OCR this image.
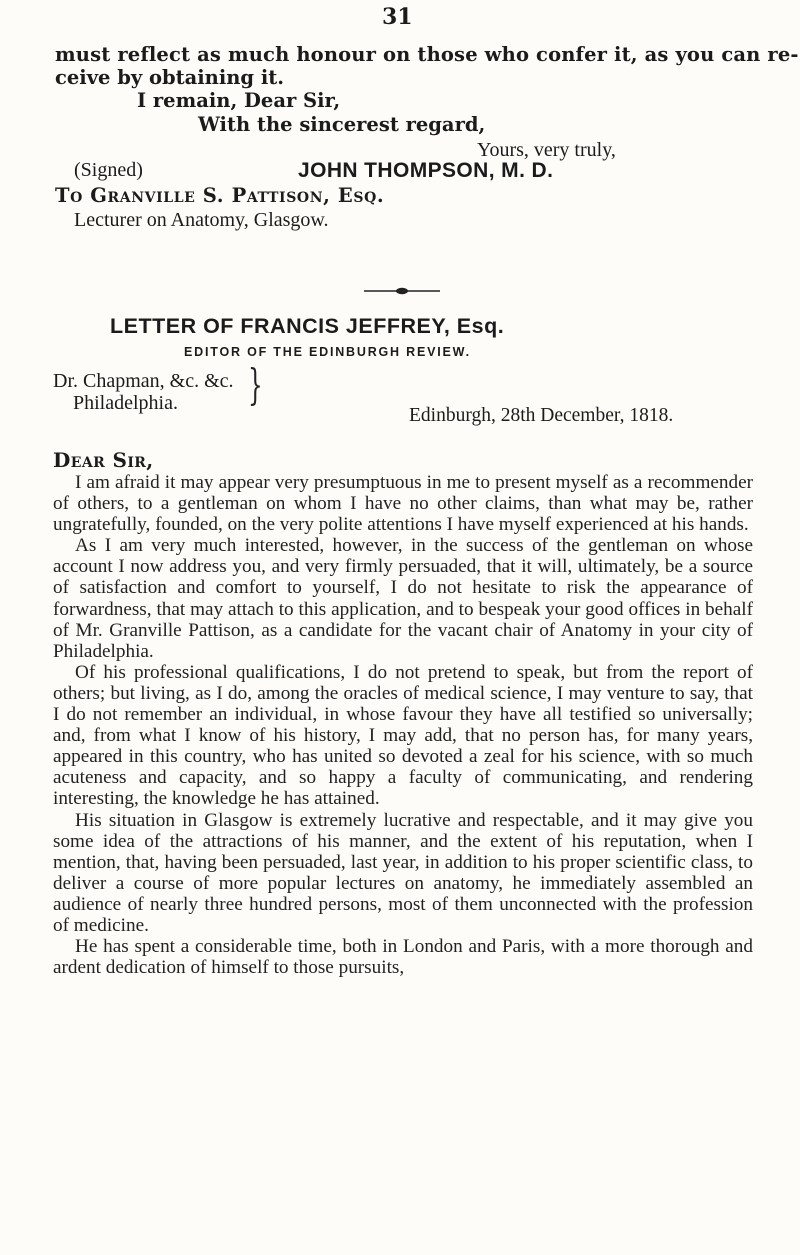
31
must reflect as much honour on those who confer it, as you can re-
ceive by obtaining it.
I remain, Dear Sir,
With the sincerest regard,
Yours, very truly,
(Signed)	JOHN THOMPSON, M. D.
To Granville S. Pattison, Esq.
Lecturer on Anatomy, Glasgow.
LETTER OF FRANCIS JEFFREY, Esq.
EDITOR OF THE EDINBURGH REVIEW.
Dr. Chapman, &c. &c.
Philadelphia. }
Edinburgh, 28th December, 1818.
Dear Sir,

I am afraid it may appear very presumptuous in me to present myself as a recommender of others, to a gentleman on whom I have no other claims, than what may be, rather ungratefully, founded, on the very polite attentions I have myself experienced at his hands.

As I am very much interested, however, in the success of the gentleman on whose account I now address you, and very firmly persuaded, that it will, ultimately, be a source of satisfaction and comfort to yourself, I do not hesitate to risk the appearance of forwardness, that may attach to this application, and to bespeak your good offices in behalf of Mr. Granville Pattison, as a candidate for the vacant chair of Anatomy in your city of Philadelphia.

Of his professional qualifications, I do not pretend to speak, but from the report of others; but living, as I do, among the oracles of medical science, I may venture to say, that I do not remember an individual, in whose favour they have all testified so universally; and, from what I know of his history, I may add, that no person has, for many years, appeared in this country, who has united so devoted a zeal for his science, with so much acuteness and capacity, and so happy a faculty of communicating, and rendering interesting, the knowledge he has attained.

His situation in Glasgow is extremely lucrative and respectable, and it may give you some idea of the attractions of his manner, and the extent of his reputation, when I mention, that, having been persuaded, last year, in addition to his proper scientific class, to deliver a course of more popular lectures on anatomy, he immediately assembled an audience of nearly three hundred persons, most of them unconnected with the profession of medicine.

He has spent a considerable time, both in London and Paris, with a more thorough and ardent dedication of himself to those pursuits,
